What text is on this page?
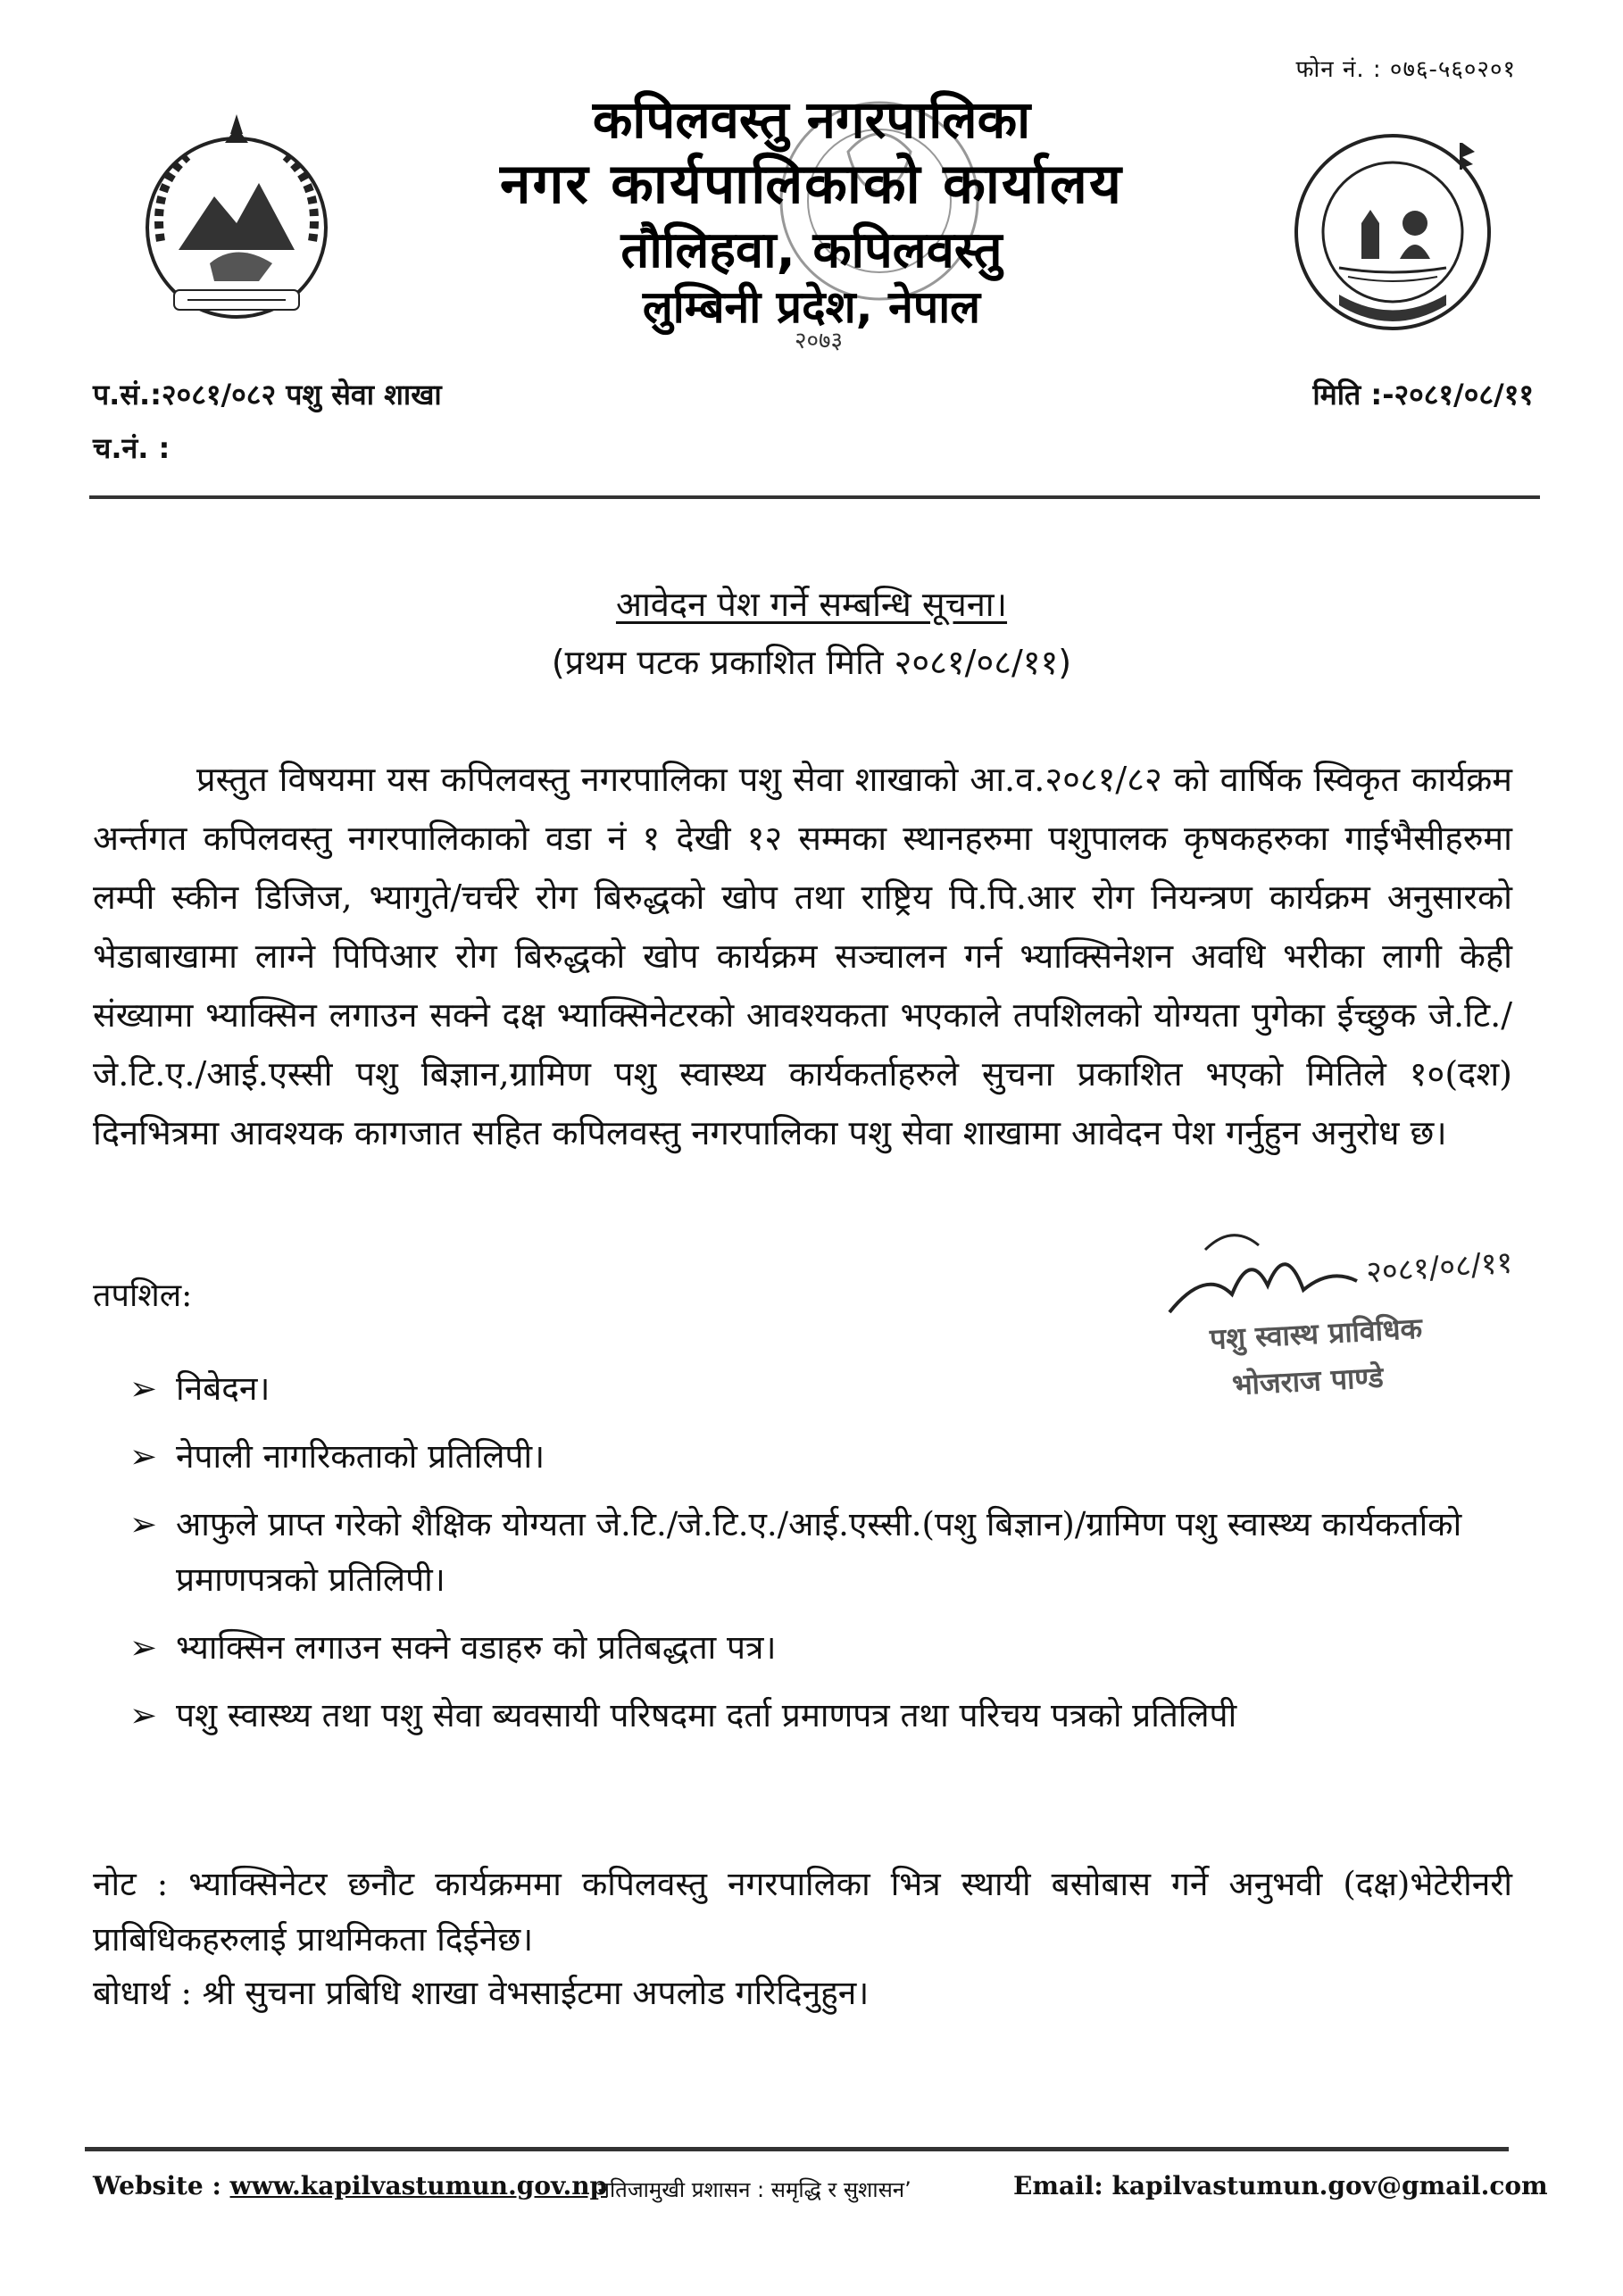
फोन नं. : ०७६-५६०२०१
२०७३
कपिलवस्तु नगरपालिका
नगर कार्यपालिकाको कार्यालय
तौलिहवा, कपिलवस्तु
लुम्बिनी प्रदेश, नेपाल
प.सं.:२०८१/०८२ पशु सेवा शाखा
च.नं. :
मिति :-२०८१/०८/११
आवेदन पेश गर्ने सम्बन्धि सूचना।
(प्रथम पटक प्रकाशित मिति २०८१/०८/११)
प्रस्तुत विषयमा यस कपिलवस्तु नगरपालिका पशु सेवा शाखाको आ.व.२०८१/८२ को वार्षिक स्विकृत कार्यक्रम अर्न्तगत कपिलवस्तु नगरपालिकाको वडा नं १ देखी १२ सम्मका स्थानहरुमा पशुपालक कृषकहरुका गाईभैसीहरुमा लम्पी स्कीन डिजिज, भ्यागुते/चर्चरे रोग बिरुद्धको खोप तथा राष्ट्रिय पि.पि.आर रोग नियन्त्रण कार्यक्रम अनुसारको भेडाबाखामा लाग्ने पिपिआर रोग बिरुद्धको खोप कार्यक्रम सञ्चालन गर्न भ्याक्सिनेशन अवधि भरीका लागी केही संख्यामा भ्याक्सिन लगाउन सक्ने दक्ष भ्याक्सिनेटरको आवश्यकता भएकाले तपशिलको योग्यता पुगेका ईच्छुक जे.टि./जे.टि.ए./आई.एस्सी पशु बिज्ञान,ग्रामिण पशु स्वास्थ्य कार्यकर्ताहरुले सुचना प्रकाशित भएको मितिले १०(दश) दिनभित्रमा आवश्यक कागजात सहित कपिलवस्तु नगरपालिका पशु सेवा शाखामा आवेदन पेश गर्नुहुन अनुरोध छ।
तपशिल:
२०८१/०८/११
पशु स्वास्थ प्राविधिक
भोजराज पाण्डे
➢ निबेदन।
➢ नेपाली नागरिकताको प्रतिलिपी।
➢ आफुले प्राप्त गरेको शैक्षिक योग्यता जे.टि./जे.टि.ए./आई.एस्सी.(पशु बिज्ञान)/ग्रामिण पशु स्वास्थ्य कार्यकर्ताको प्रमाणपत्रको प्रतिलिपी।
➢ भ्याक्सिन लगाउन सक्ने वडाहरु को प्रतिबद्धता पत्र।
➢ पशु स्वास्थ्य तथा पशु सेवा ब्यवसायी परिषदमा दर्ता प्रमाणपत्र तथा परिचय पत्रको प्रतिलिपी
नोट : भ्याक्सिनेटर छनौट कार्यक्रममा कपिलवस्तु नगरपालिका भित्र स्थायी बसोबास गर्ने अनुभवी (दक्ष)भेटेरीनरी प्राबिधिकहरुलाई प्राथमिकता दिईनेछ।
बोधार्थ : श्री सुचना प्रबिधि शाखा वेभसाईटमा अपलोड गरिदिनुहुन।
Website : www.kapilvastumun.gov.np
‘नतिजामुखी प्रशासन : समृद्धि र सुशासन’	Email: kapilvastumun.gov@gmail.com
